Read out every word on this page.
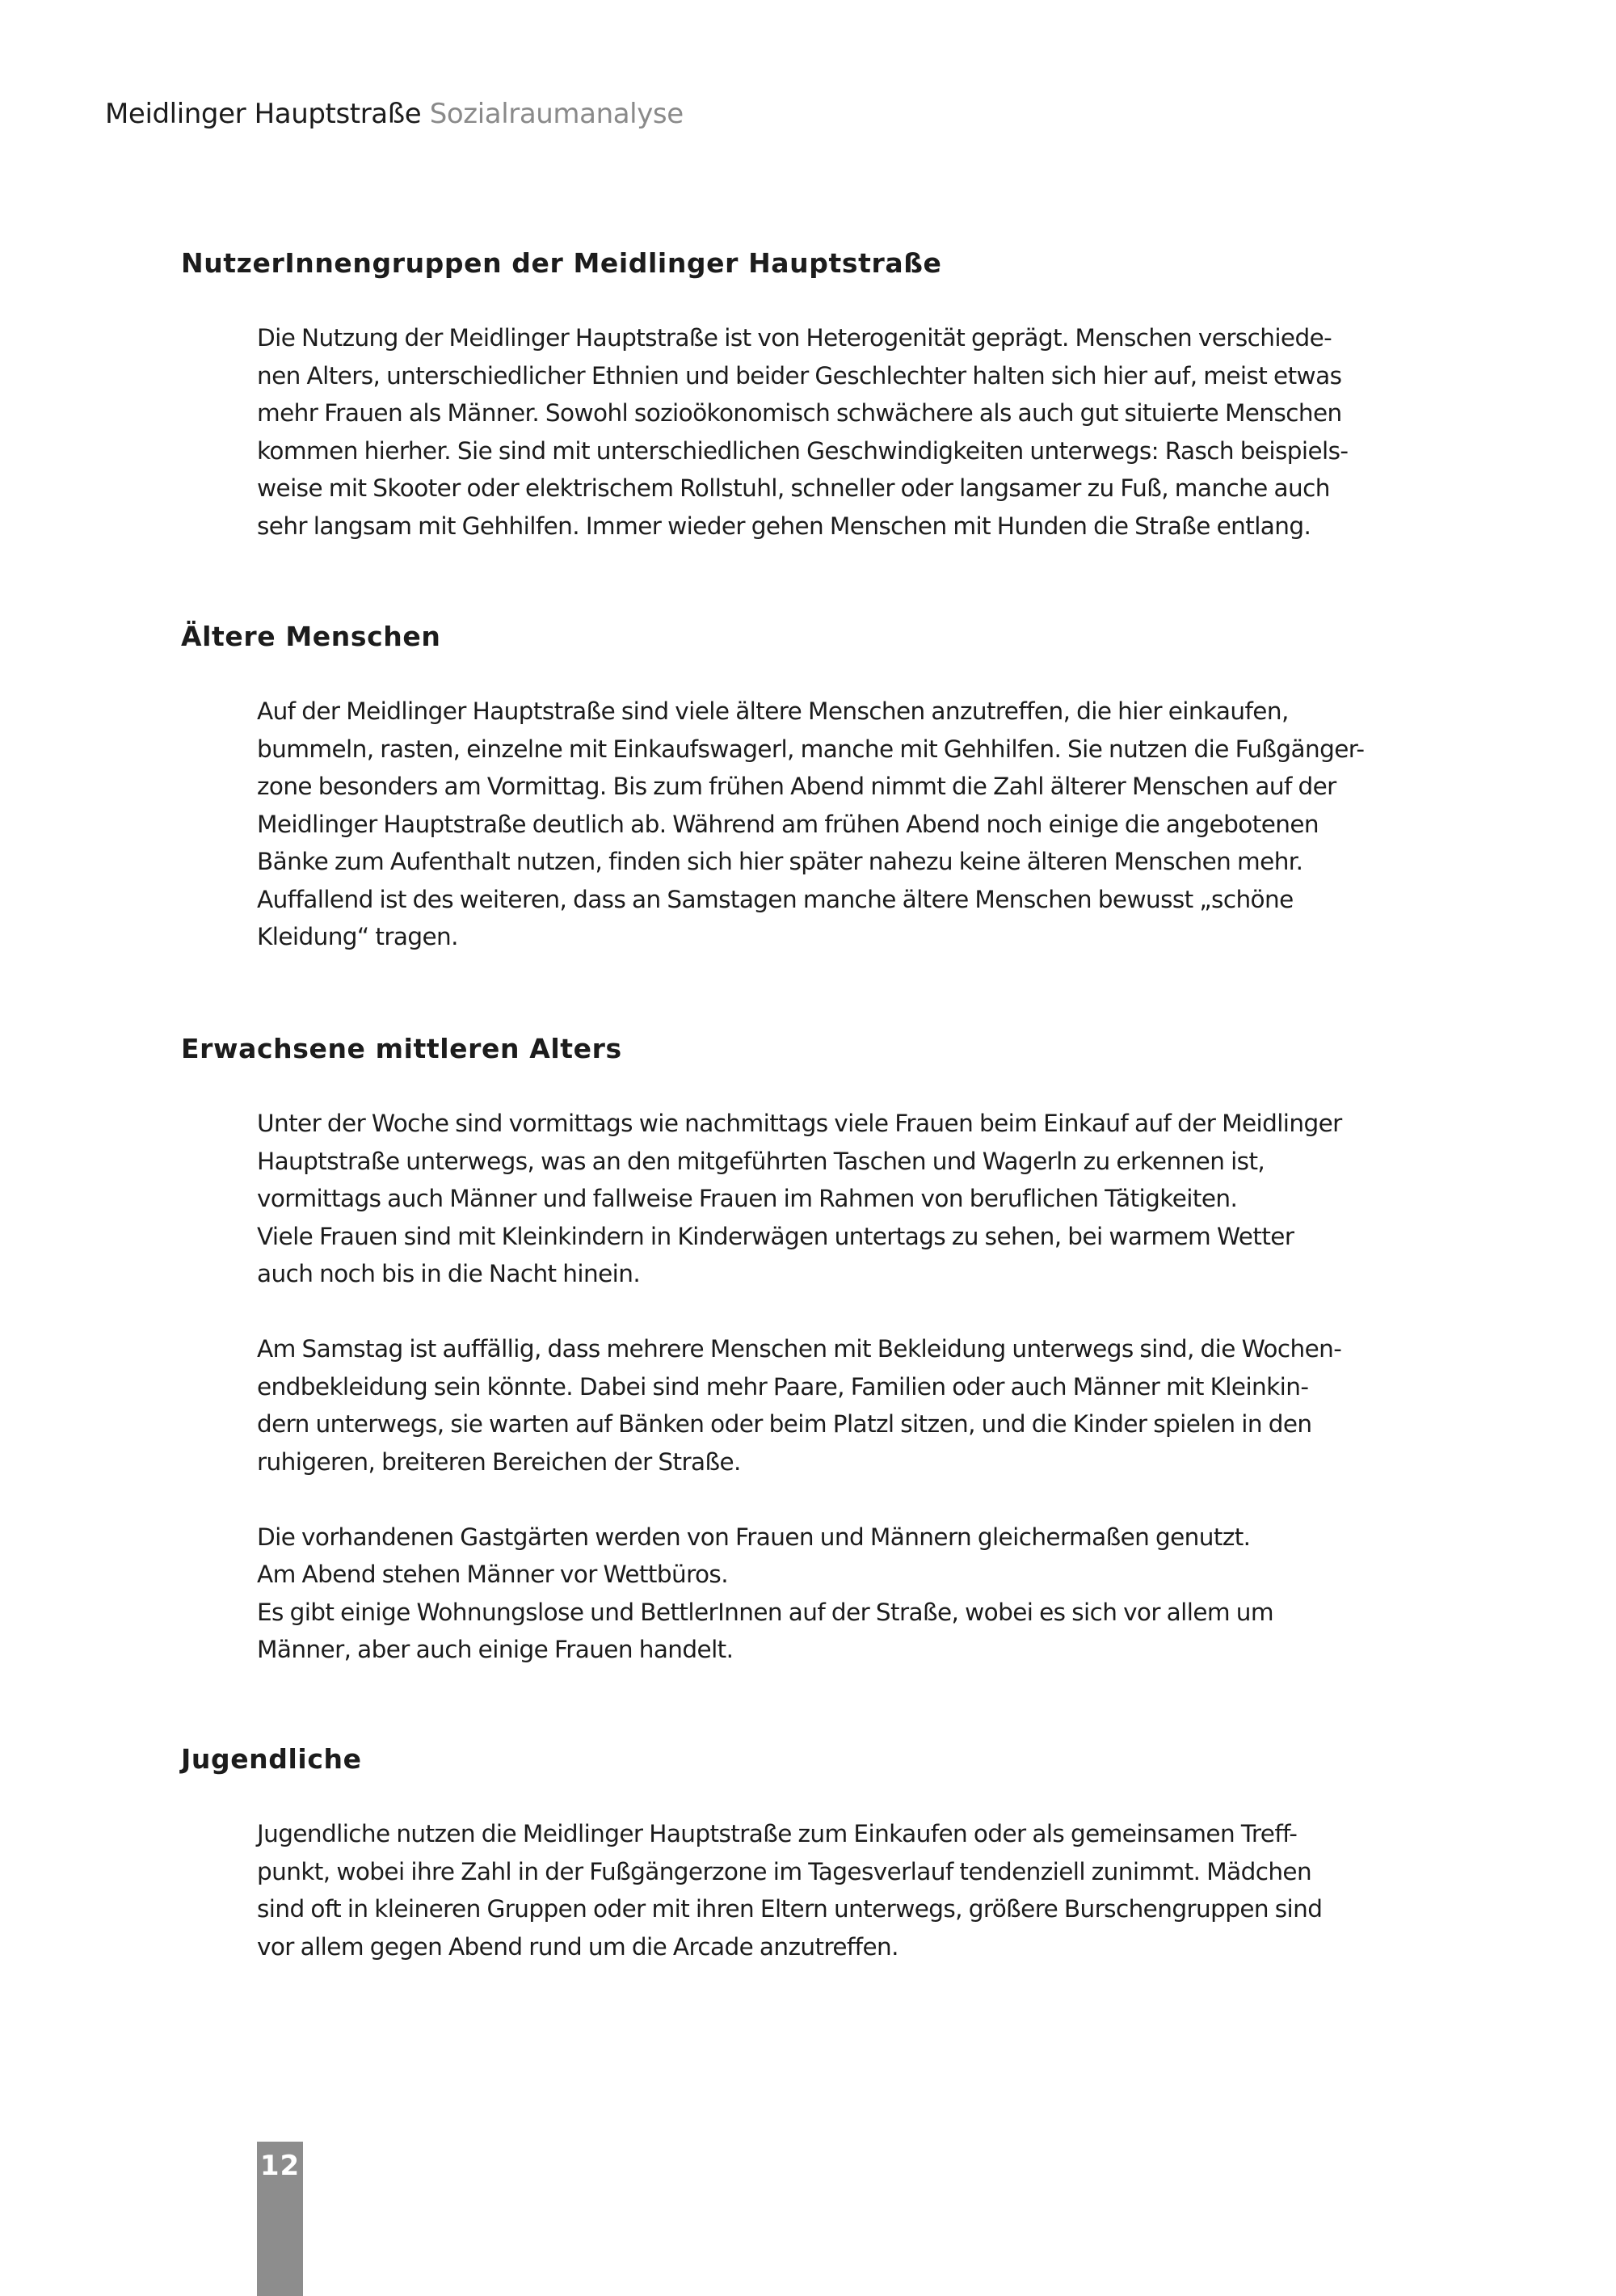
Meidlinger Hauptstraße Sozialraumanalyse
NutzerInnengruppen der Meidlinger Hauptstraße
Die Nutzung der Meidlinger Hauptstraße ist von Heterogenität geprägt. Menschen verschiede-
nen Alters, unterschiedlicher Ethnien und beider Geschlechter halten sich hier auf, meist etwas
mehr Frauen als Männer. Sowohl sozioökonomisch schwächere als auch gut situierte Menschen
kommen hierher. Sie sind mit unterschiedlichen Geschwindigkeiten unterwegs: Rasch beispiels-
weise mit Skooter oder elektrischem Rollstuhl, schneller oder langsamer zu Fuß, manche auch
sehr langsam mit Gehhilfen. Immer wieder gehen Menschen mit Hunden die Straße entlang.
Ältere Menschen
Auf der Meidlinger Hauptstraße sind viele ältere Menschen anzutreffen, die hier einkaufen,
bummeln, rasten, einzelne mit Einkaufswagerl, manche mit Gehhilfen. Sie nutzen die Fußgänger-
zone besonders am Vormittag. Bis zum frühen Abend nimmt die Zahl älterer Menschen auf der
Meidlinger Hauptstraße deutlich ab. Während am frühen Abend noch einige die angebotenen
Bänke zum Aufenthalt nutzen, finden sich hier später nahezu keine älteren Menschen mehr.
Auffallend ist des weiteren, dass an Samstagen manche ältere Menschen bewusst „schöne
Kleidung“ tragen.
Erwachsene mittleren Alters
Unter der Woche sind vormittags wie nachmittags viele Frauen beim Einkauf auf der Meidlinger
Hauptstraße unterwegs, was an den mitgeführten Taschen und Wagerln zu erkennen ist,
vormittags auch Männer und fallweise Frauen im Rahmen von beruflichen Tätigkeiten.
Viele Frauen sind mit Kleinkindern in Kinderwägen untertags zu sehen, bei warmem Wetter
auch noch bis in die Nacht hinein.
Am Samstag ist auffällig, dass mehrere Menschen mit Bekleidung unterwegs sind, die Wochen-
endbekleidung sein könnte. Dabei sind mehr Paare, Familien oder auch Männer mit Kleinkin-
dern unterwegs, sie warten auf Bänken oder beim Platzl sitzen, und die Kinder spielen in den
ruhigeren, breiteren Bereichen der Straße.
Die vorhandenen Gastgärten werden von Frauen und Männern gleichermaßen genutzt.
Am Abend stehen Männer vor Wettbüros.
Es gibt einige Wohnungslose und BettlerInnen auf der Straße, wobei es sich vor allem um
Männer, aber auch einige Frauen handelt.
Jugendliche
Jugendliche nutzen die Meidlinger Hauptstraße zum Einkaufen oder als gemeinsamen Treff-
punkt, wobei ihre Zahl in der Fußgängerzone im Tagesverlauf tendenziell zunimmt. Mädchen
sind oft in kleineren Gruppen oder mit ihren Eltern unterwegs, größere Burschengruppen sind
vor allem gegen Abend rund um die Arcade anzutreffen.
12
